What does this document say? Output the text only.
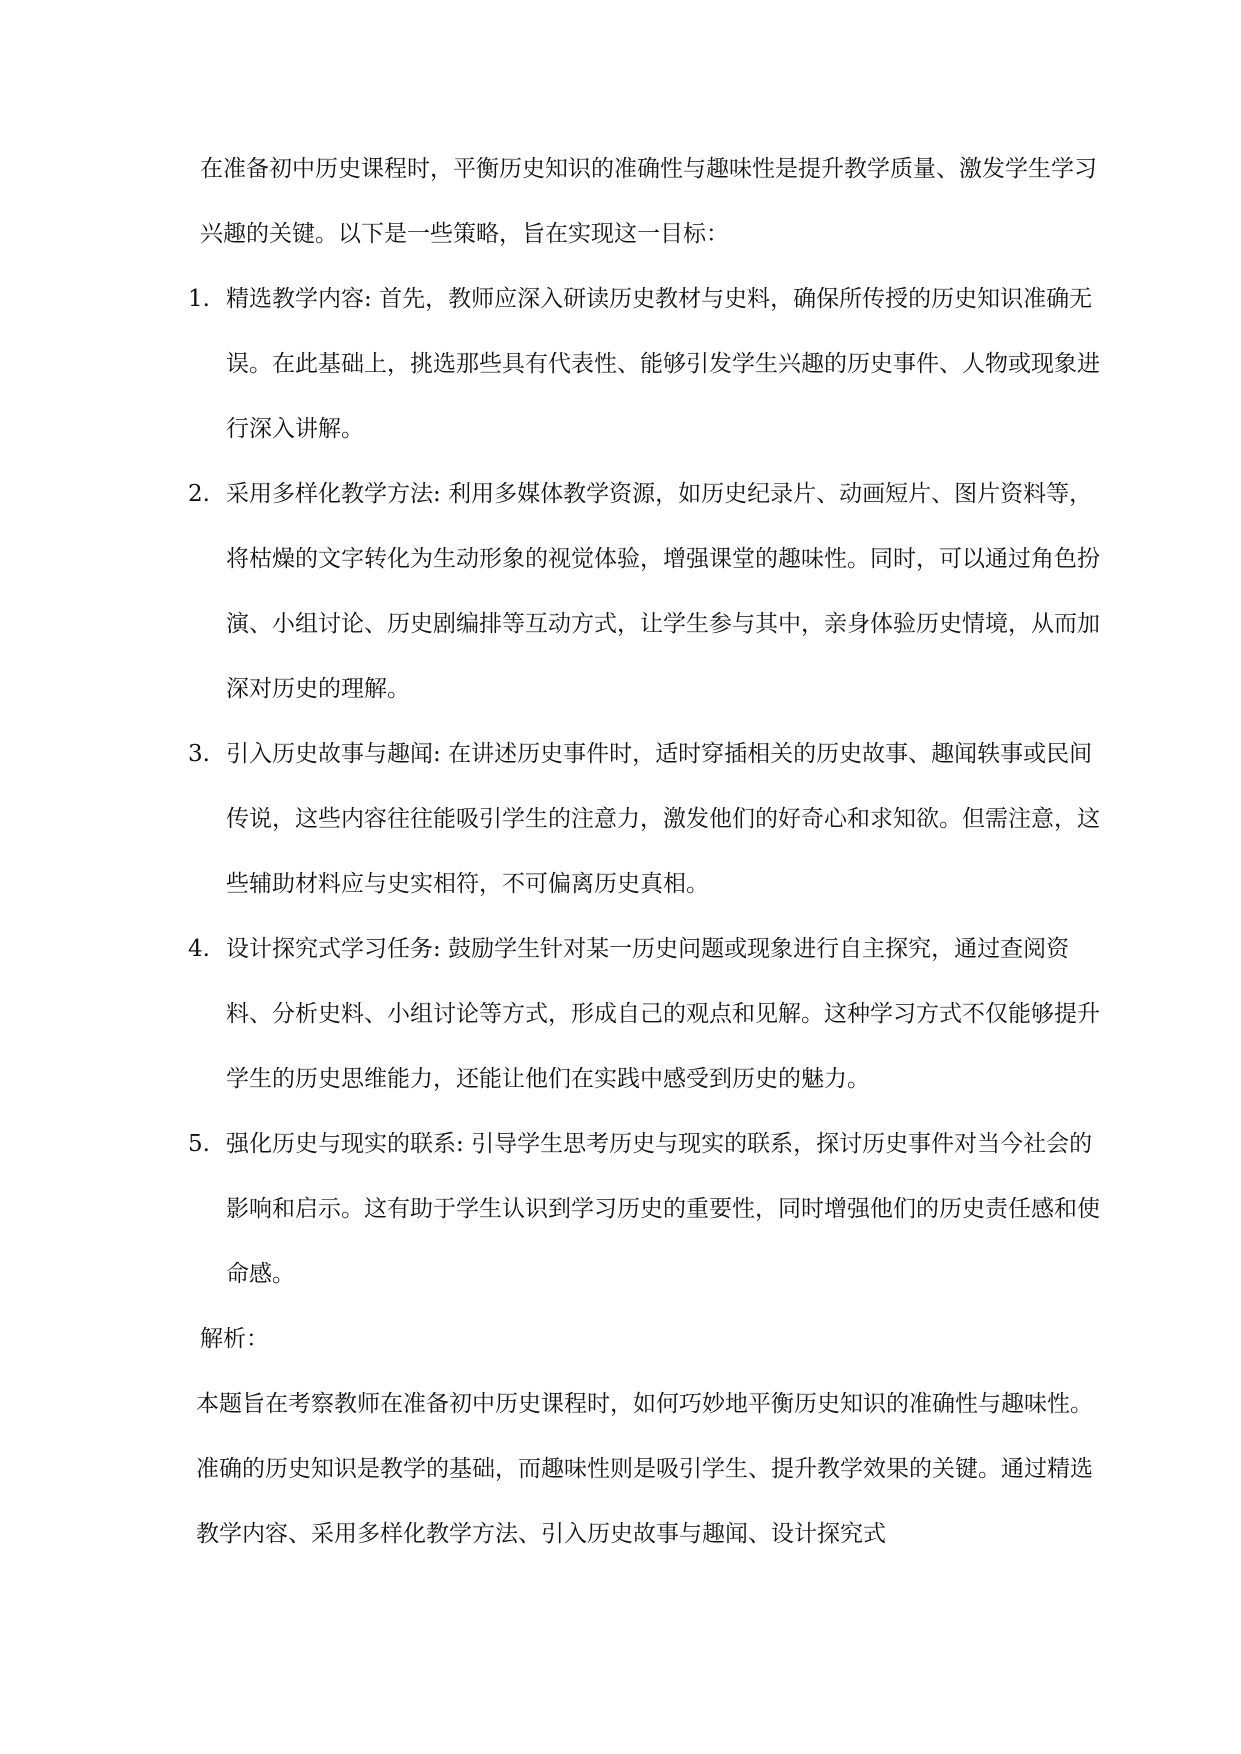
在准备初中历史课程时，平衡历史知识的准确性与趣味性是提升教学质量、激发学生学习兴趣的关键。以下是一些策略，旨在实现这一目标：

1. 精选教学内容: 首先，教师应深入研读历史教材与史料，确保所传授的历史知识准确无误。在此基础上，挑选那些具有代表性、能够引发学生兴趣的历史事件、人物或现象进行深入讲解。
2. 采用多样化教学方法: 利用多媒体教学资源，如历史纪录片、动画短片、图片资料等，将枯燥的文字转化为生动形象的视觉体验，增强课堂的趣味性。同时，可以通过角色扮演、小组讨论、历史剧编排等互动方式，让学生参与其中，亲身体验历史情境，从而加深对历史的理解。
3. 引入历史故事与趣闻: 在讲述历史事件时，适时穿插相关的历史故事、趣闻轶事或民间传说，这些内容往往能吸引学生的注意力，激发他们的好奇心和求知欲。但需注意，这些辅助材料应与史实相符，不可偏离历史真相。
4. 设计探究式学习任务: 鼓励学生针对某一历史问题或现象进行自主探究，通过查阅资料、分析史料、小组讨论等方式，形成自己的观点和见解。这种学习方式不仅能够提升学生的历史思维能力，还能让他们在实践中感受到历史的魅力。
5. 强化历史与现实的联系: 引导学生思考历史与现实的联系，探讨历史事件对当今社会的影响和启示。这有助于学生认识到学习历史的重要性，同时增强他们的历史责任感和使命感。

解析：

本题旨在考察教师在准备初中历史课程时，如何巧妙地平衡历史知识的准确性与趣味性。准确的历史知识是教学的基础，而趣味性则是吸引学生、提升教学效果的关键。通过精选教学内容、采用多样化教学方法、引入历史故事与趣闻、设计探究式
